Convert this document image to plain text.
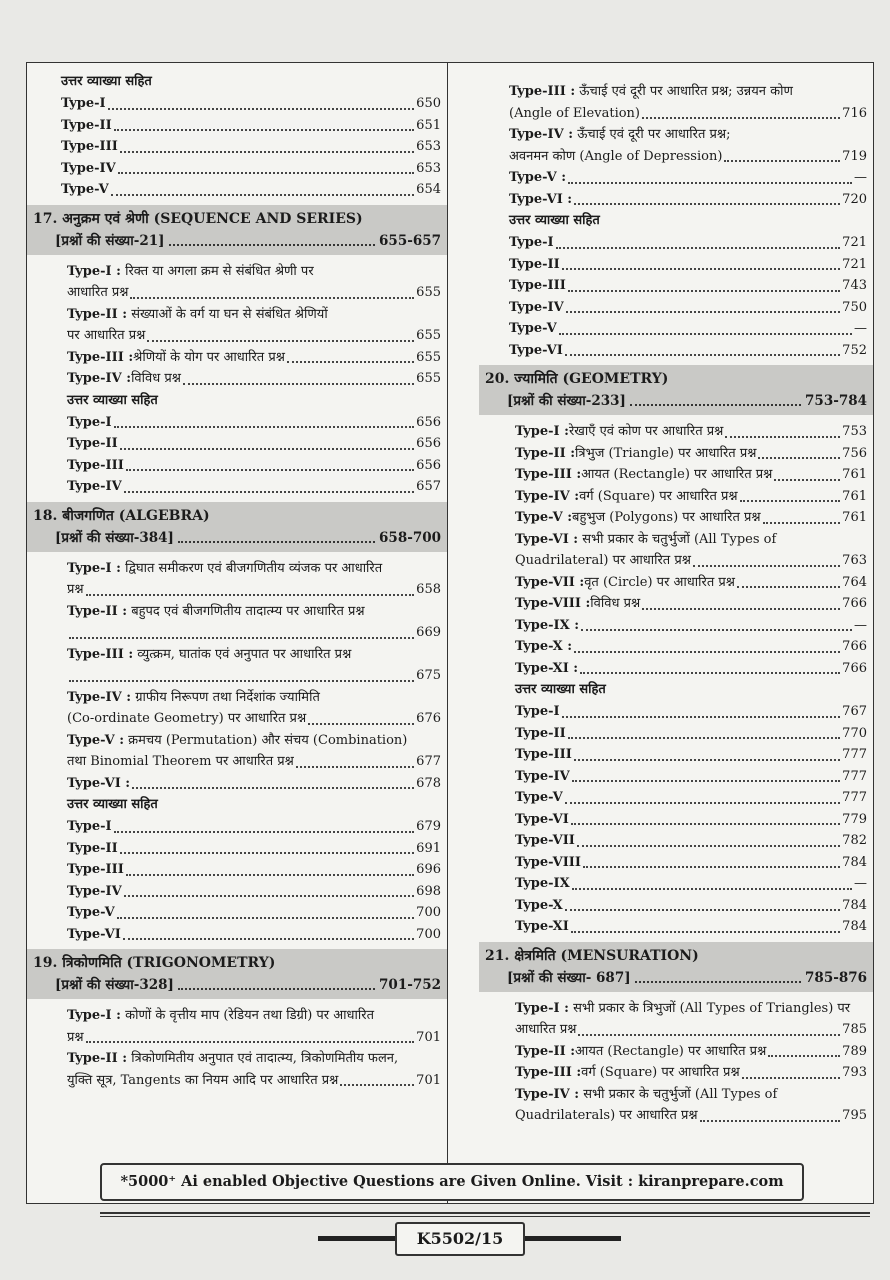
उत्तर व्याख्या सहित
Type-I	650
Type-II	651
Type-III	653
Type-IV	653
Type-V	654
17. अनुक्रम एवं श्रेणी (SEQUENCE AND SERIES)
[प्रश्नों की संख्या-21]	655-657
Type-I : रिक्त या अगला क्रम से संबंधित श्रेणी पर
आधारित प्रश्न	655
Type-II : संख्याओं के वर्ग या घन से संबंधित श्रेणियों
पर आधारित प्रश्न	655
Type-III : श्रेणियों के योग पर आधारित प्रश्न	655
Type-IV : विविध प्रश्न	655
उत्तर व्याख्या सहित
Type-I	656
Type-II	656
Type-III	656
Type-IV	657
18. बीजगणित (ALGEBRA)
[प्रश्नों की संख्या-384]	658-700
Type-I : द्विघात समीकरण एवं बीजगणितीय व्यंजक पर आधारित
प्रश्न	658
Type-II : बहुपद एवं बीजगणितीय तादात्म्य पर आधारित प्रश्न
669
Type-III : व्युत्क्रम, घातांक एवं अनुपात पर आधारित प्रश्न
675
Type-IV : ग्राफीय निरूपण तथा निर्देशांक ज्यामिति
(Co-ordinate Geometry) पर आधारित प्रश्न	676
Type-V : क्रमचय (Permutation) और संचय (Combination)
तथा Binomial Theorem पर आधारित प्रश्न	677
Type-VI :	678
उत्तर व्याख्या सहित
Type-I	679
Type-II	691
Type-III	696
Type-IV	698
Type-V	700
Type-VI	700
19. त्रिकोणमिति (TRIGONOMETRY)
[प्रश्नों की संख्या-328]	701-752
Type-I : कोणों के वृत्तीय माप (रेडियन तथा डिग्री) पर आधारित
प्रश्न	701
Type-II : त्रिकोणमितीय अनुपात एवं तादात्म्य, त्रिकोणमितीय फलन,
युक्ति सूत्र, Tangents का नियम आदि पर आधारित प्रश्न	701
Type-III : ऊँचाई एवं दूरी पर आधारित प्रश्न; उन्नयन कोण
(Angle of Elevation)	716
Type-IV : ऊँचाई एवं दूरी पर आधारित प्रश्न;
अवनमन कोण (Angle of Depression)	719
Type-V :	—
Type-VI :	720
उत्तर व्याख्या सहित
Type-I	721
Type-II	721
Type-III	743
Type-IV	750
Type-V	—
Type-VI	752
20. ज्यामिति (GEOMETRY)
[प्रश्नों की संख्या-233]	753-784
Type-I : रेखाएँ एवं कोण पर आधारित प्रश्न	753
Type-II : त्रिभुज (Triangle) पर आधारित प्रश्न	756
Type-III : आयत (Rectangle) पर आधारित प्रश्न	761
Type-IV : वर्ग (Square) पर आधारित प्रश्न	761
Type-V : बहुभुज (Polygons) पर आधारित प्रश्न	761
Type-VI : सभी प्रकार के चतुर्भुजों (All Types of
Quadrilateral) पर आधारित प्रश्न	763
Type-VII : वृत (Circle) पर आधारित प्रश्न	764
Type-VIII : विविध प्रश्न	766
Type-IX :	—
Type-X :	766
Type-XI :	766
उत्तर व्याख्या सहित
Type-I	767
Type-II	770
Type-III	777
Type-IV	777
Type-V	777
Type-VI	779
Type-VII	782
Type-VIII	784
Type-IX	—
Type-X	784
Type-XI	784
21. क्षेत्रमिति (MENSURATION)
[प्रश्नों की संख्या- 687]	785-876
Type-I : सभी प्रकार के त्रिभुजों (All Types of Triangles) पर
आधारित प्रश्न	785
Type-II : आयत (Rectangle) पर आधारित प्रश्न	789
Type-III : वर्ग (Square) पर आधारित प्रश्न	793
Type-IV : सभी प्रकार के चतुर्भुजों (All Types of
Quadrilaterals) पर आधारित प्रश्न	795
*5000⁺ Ai enabled Objective Questions are Given Online. Visit : kiranprepare.com
K5502/15
